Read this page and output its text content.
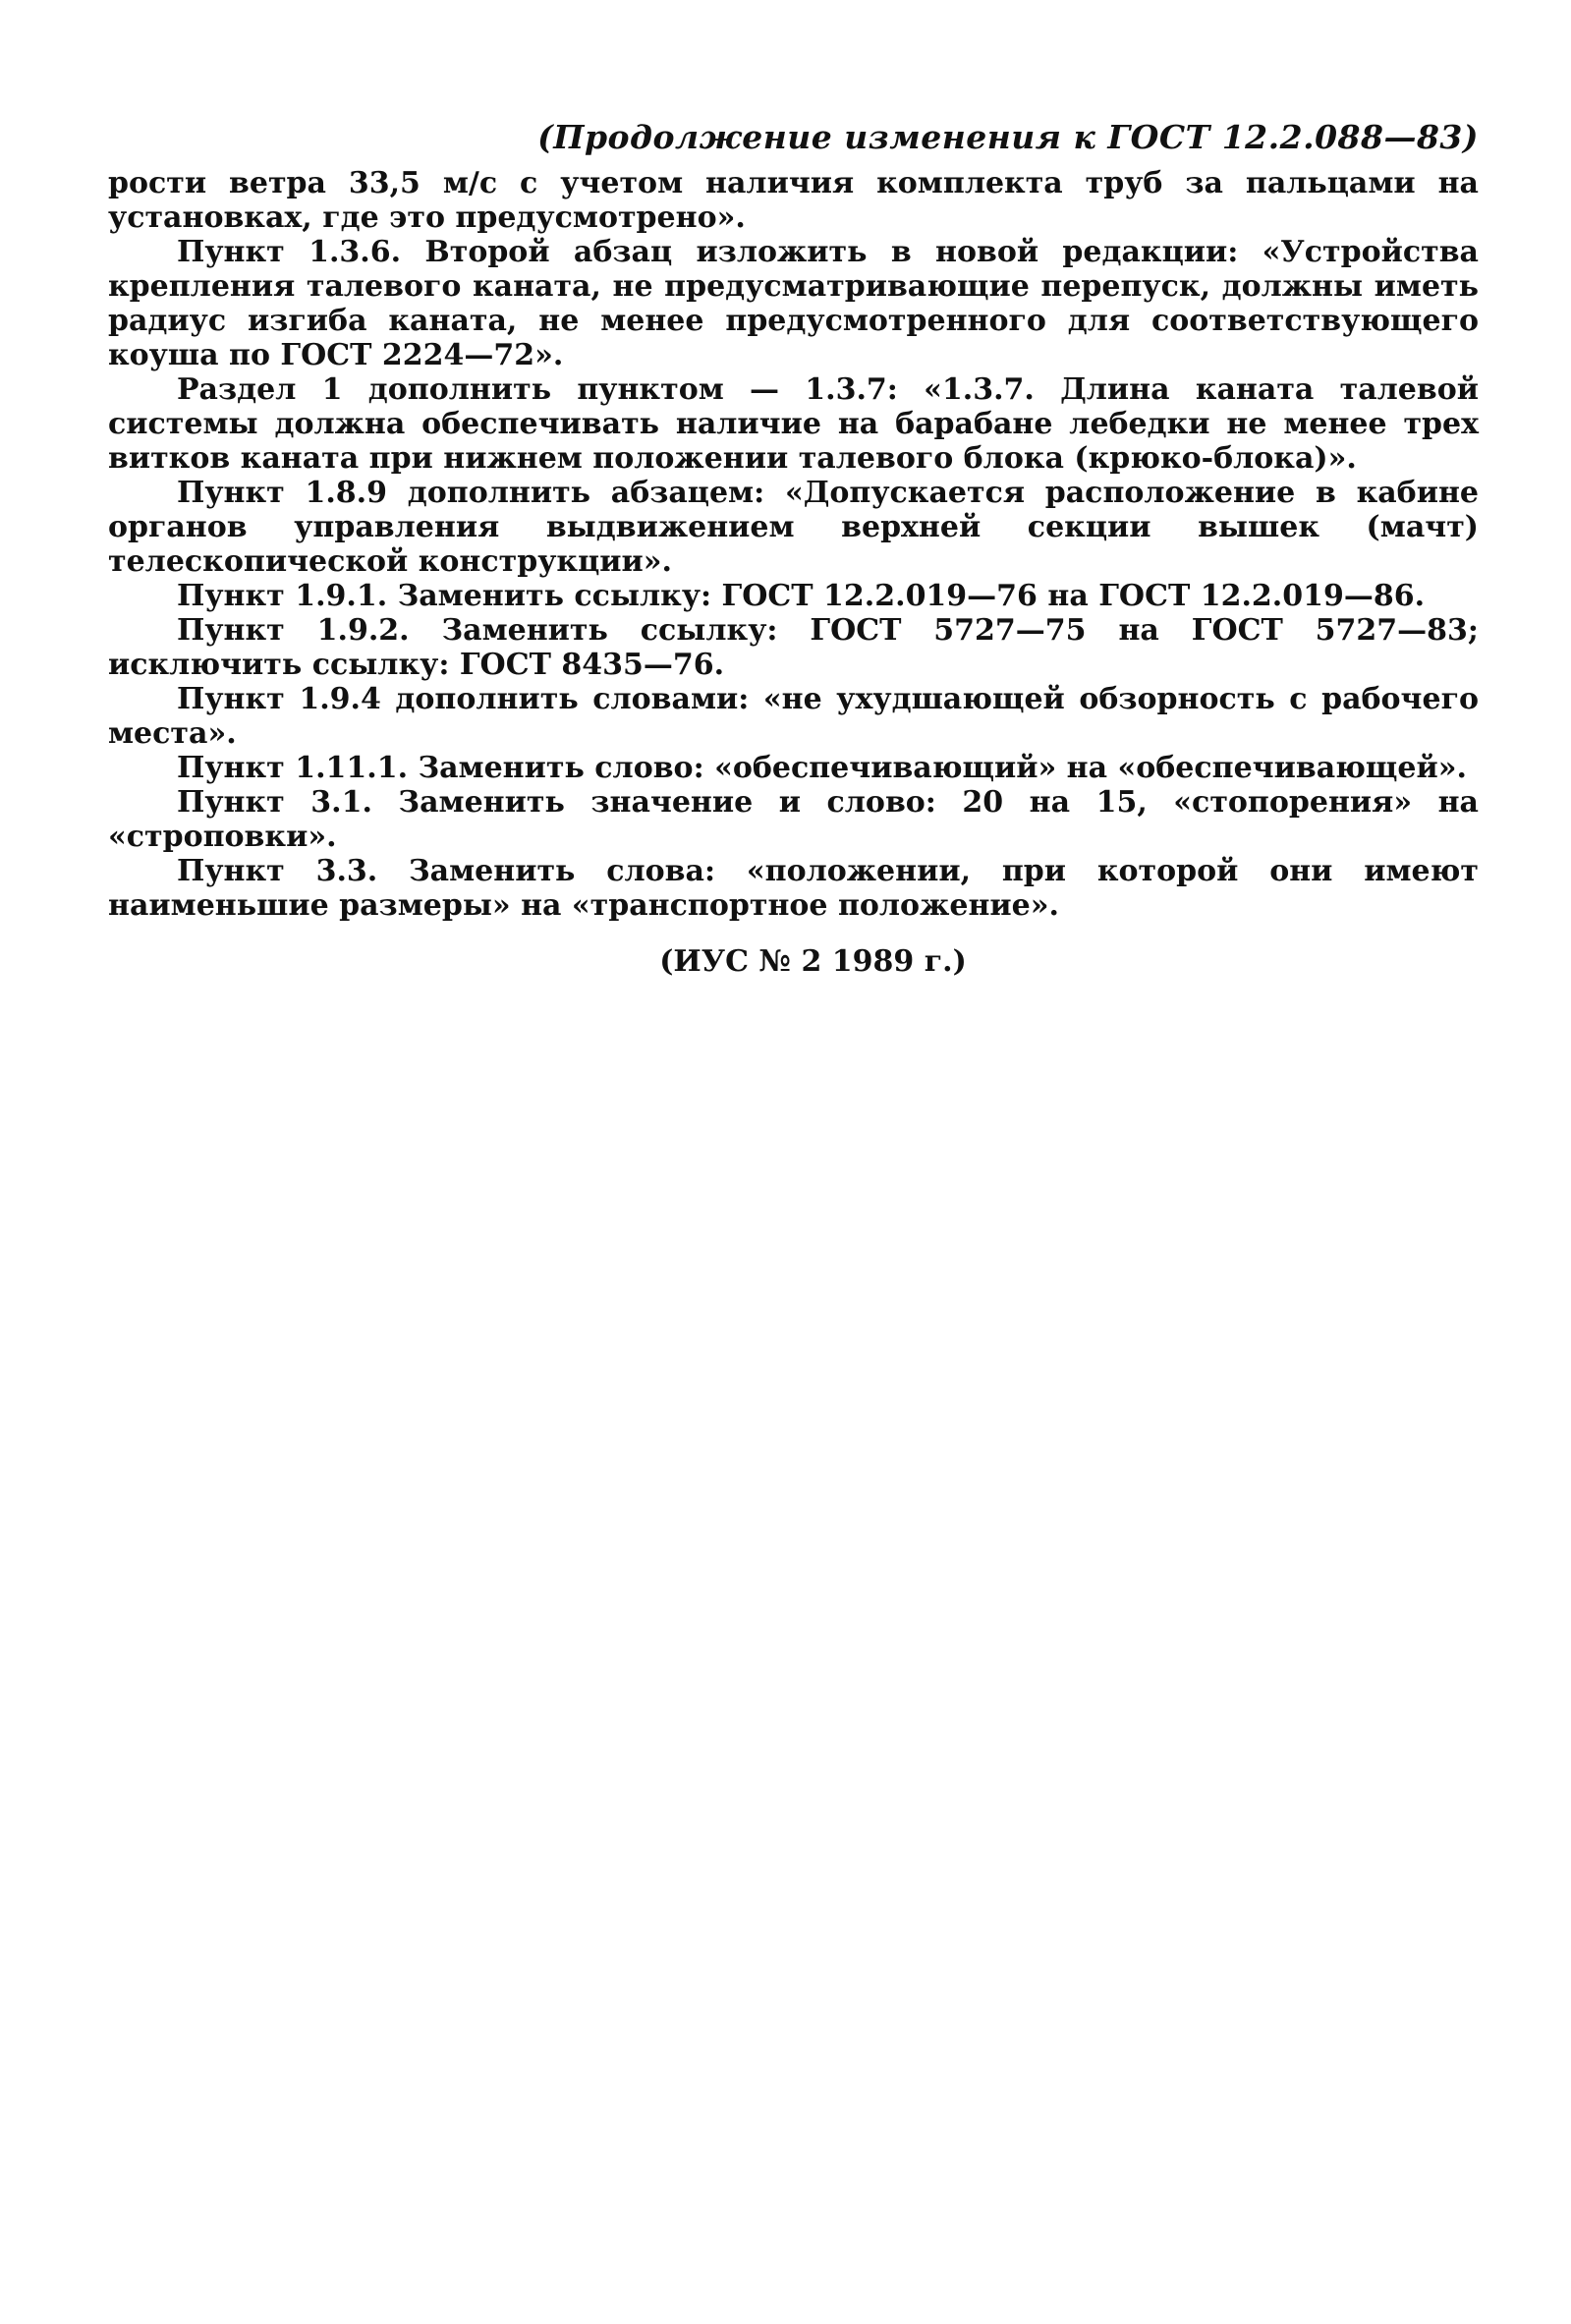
(Продолжение изменения к ГОСТ 12.2.088—83)

рости ветра 33,5 м/с с учетом наличия комплекта труб за пальцами на установках, где это предусмотрено».

Пункт 1.3.6. Второй абзац изложить в новой редакции: «Устройства крепления талевого каната, не предусматривающие перепуск, должны иметь радиус изгиба каната, не менее предусмотренного для соответствующего коуша по ГОСТ 2224—72».

Раздел 1 дополнить пунктом — 1.3.7: «1.3.7. Длина каната талевой системы должна обеспечивать наличие на барабане лебедки не менее трех витков каната при нижнем положении талевого блока (крюко-блока)».

Пункт 1.8.9 дополнить абзацем: «Допускается расположение в кабине органов управления выдвижением верхней секции вышек (мачт) телескопической конструкции».

Пункт 1.9.1. Заменить ссылку: ГОСТ 12.2.019—76 на ГОСТ 12.2.019—86.

Пункт 1.9.2. Заменить ссылку: ГОСТ 5727—75 на ГОСТ 5727—83; исключить ссылку: ГОСТ 8435—76.

Пункт 1.9.4 дополнить словами: «не ухудшающей обзорность с рабочего места».

Пункт 1.11.1. Заменить слово: «обеспечивающий» на «обеспечивающей».

Пункт 3.1. Заменить значение и слово: 20 на 15, «стопорения» на «строповки».

Пункт 3.3. Заменить слова: «положении, при которой они имеют наименьшие размеры» на «транспортное положение».

(ИУС № 2 1989 г.)
